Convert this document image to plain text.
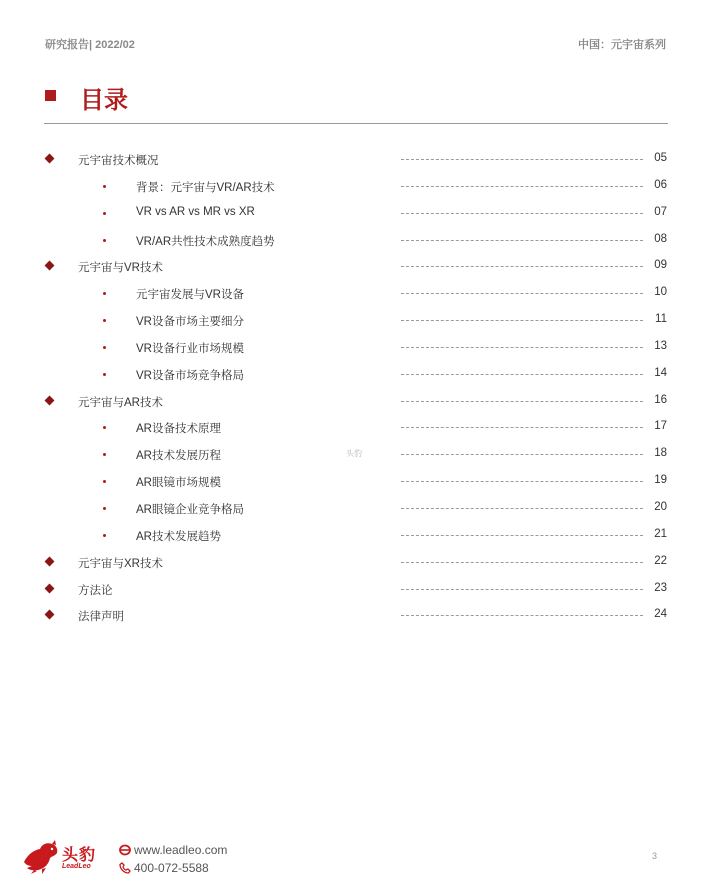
研究报告| 2022/02	中国：元宇宙系列
目录
元宇宙技术概况	05
背景：元宇宙与VR/AR技术	06
VR vs AR vs MR vs XR	07
VR/AR共性技术成熟度趋势	08
元宇宙与VR技术	09
元宇宙发展与VR设备	10
VR设备市场主要细分	11
VR设备行业市场规模	13
VR设备市场竞争格局	14
元宇宙与AR技术	16
AR设备技术原理	17
AR技术发展历程	18
AR眼镜市场规模	19
AR眼镜企业竞争格局	20
AR技术发展趋势	21
元宇宙与XR技术	22
方法论	23
法律声明	24
头豹
头豹
LeadLeo
www.leadleo.com
400-072-5588
3
